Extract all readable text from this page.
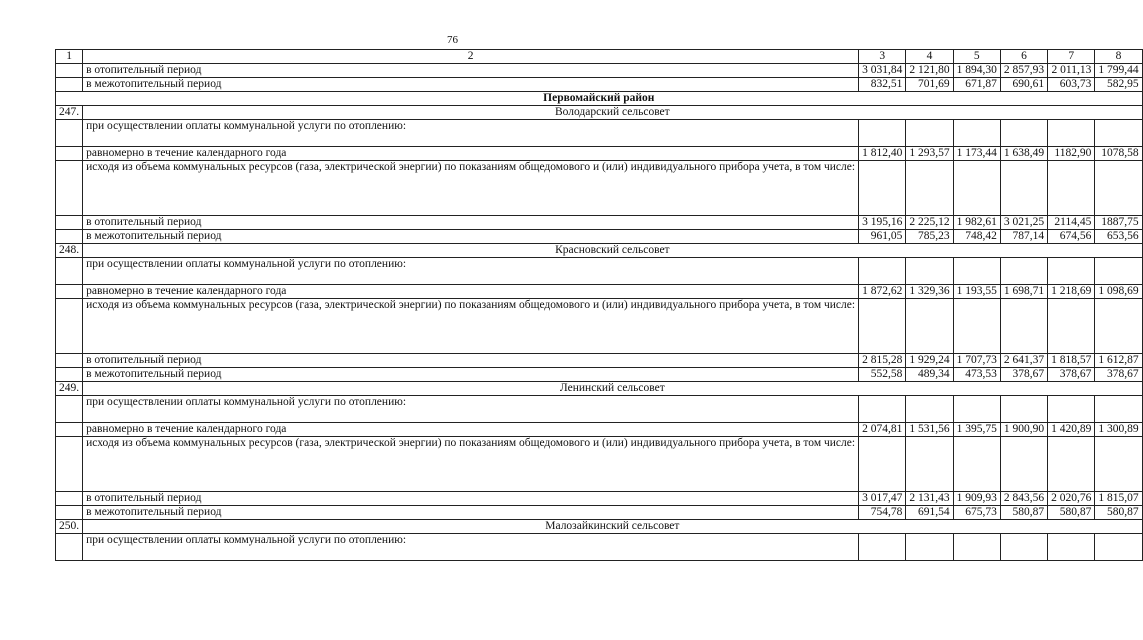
76
1	2	3	4	5	6	7	8
	в отопительный период	3 031,84	2 121,80	1 894,30	2 857,93	2 011,13	1 799,44
	в межотопительный период	832,51	701,69	671,87	690,61	603,73	582,95
Первомайский район							
247.	Володарский сельсовет						
	при осуществлении оплаты коммунальной услуги по отоплению:						
	равномерно в течение календарного года	1 812,40	1 293,57	1 173,44	1 638,49	1182,90	1078,58
	исходя из объема коммунальных ресурсов (газа, электрической энергии) по показаниям общедомового и (или) индивидуального прибора учета, в том числе:						
	в отопительный период	3 195,16	2 225,12	1 982,61	3 021,25	2114,45	1887,75
	в межотопительный период	961,05	785,23	748,42	787,14	674,56	653,56
248.	Красновский сельсовет						
	при осуществлении оплаты коммунальной услуги по отоплению:						
	равномерно в течение календарного года	1 872,62	1 329,36	1 193,55	1 698,71	1 218,69	1 098,69
	исходя из объема коммунальных ресурсов (газа, электрической энергии) по показаниям общедомового и (или) индивидуального прибора учета, в том числе:						
	в отопительный период	2 815,28	1 929,24	1 707,73	2 641,37	1 818,57	1 612,87
	в межотопительный период	552,58	489,34	473,53	378,67	378,67	378,67
249.	Ленинский сельсовет						
	при осуществлении оплаты коммунальной услуги по отоплению:						
	равномерно в течение календарного года	2 074,81	1 531,56	1 395,75	1 900,90	1 420,89	1 300,89
	исходя из объема коммунальных ресурсов (газа, электрической энергии) по показаниям общедомового и (или) индивидуального прибора учета, в том числе:						
	в отопительный период	3 017,47	2 131,43	1 909,93	2 843,56	2 020,76	1 815,07
	в межотопительный период	754,78	691,54	675,73	580,87	580,87	580,87
250.	Малозайкинский сельсовет						
	при осуществлении оплаты коммунальной услуги по отоплению:						
